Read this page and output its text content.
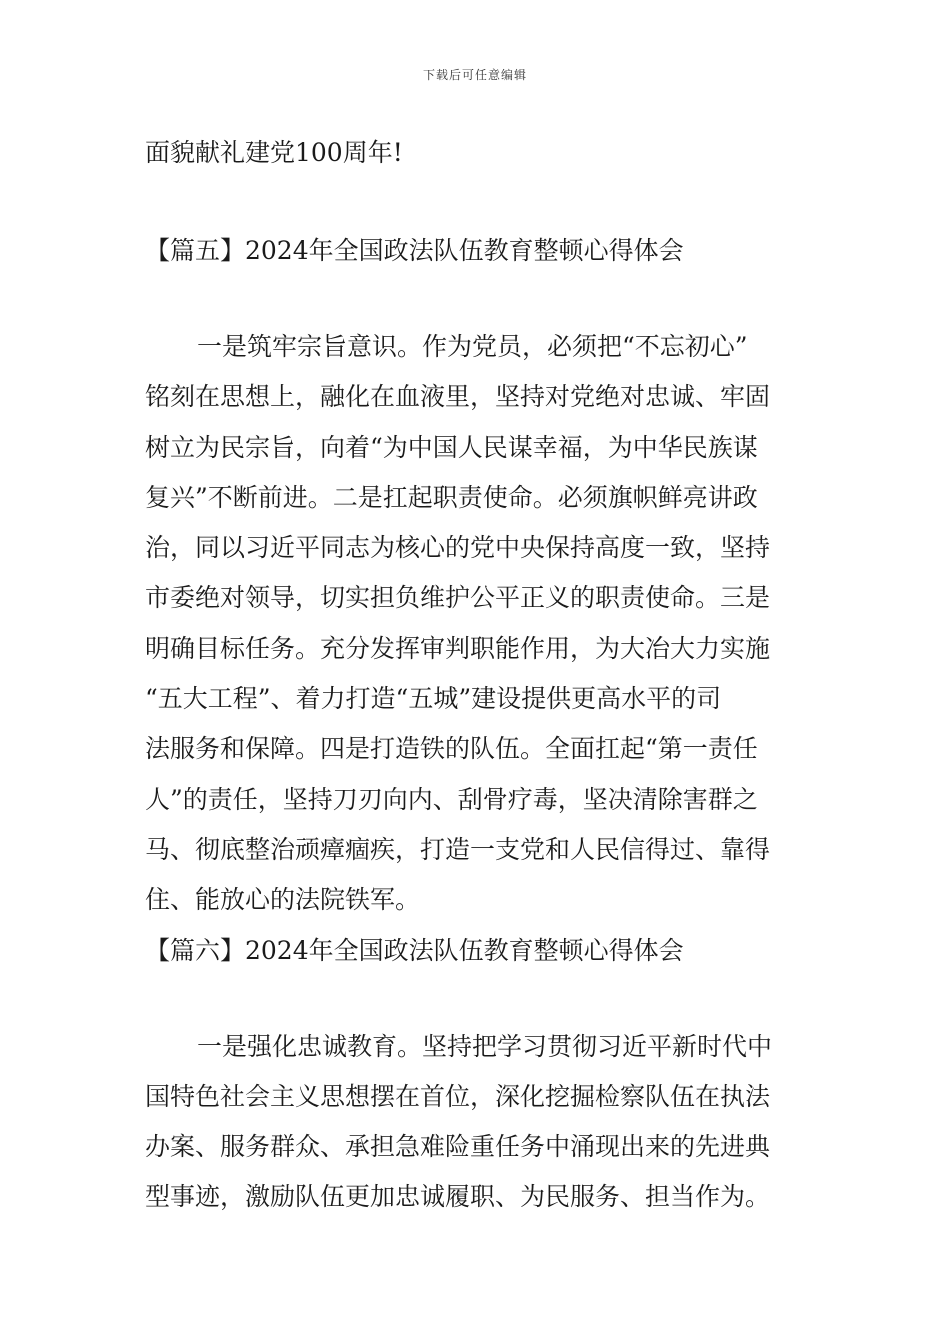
下载后可任意编辑

面貌献礼建党100周年!

【篇五】2024年全国政法队伍教育整顿心得体会

一是筑牢宗旨意识。作为党员，必须把“不忘初心”
铭刻在思想上，融化在血液里，坚持对党绝对忠诚、牢固
树立为民宗旨，向着“为中国人民谋幸福，为中华民族谋
复兴”不断前进。二是扛起职责使命。必须旗帜鲜亮讲政
治，同以习近平同志为核心的党中央保持高度一致，坚持
市委绝对领导，切实担负维护公平正义的职责使命。三是
明确目标任务。充分发挥审判职能作用，为大冶大力实施
“五大工程”、着力打造“五城”建设提供更高水平的司
法服务和保障。四是打造铁的队伍。全面扛起“第一责任
人”的责任，坚持刀刃向内、刮骨疗毒，坚决清除害群之
马、彻底整治顽瘴痼疾，打造一支党和人民信得过、靠得
住、能放心的法院铁军。

【篇六】2024年全国政法队伍教育整顿心得体会

一是强化忠诚教育。坚持把学习贯彻习近平新时代中
国特色社会主义思想摆在首位，深化挖掘检察队伍在执法
办案、服务群众、承担急难险重任务中涌现出来的先进典
型事迹，激励队伍更加忠诚履职、为民服务、担当作为。
